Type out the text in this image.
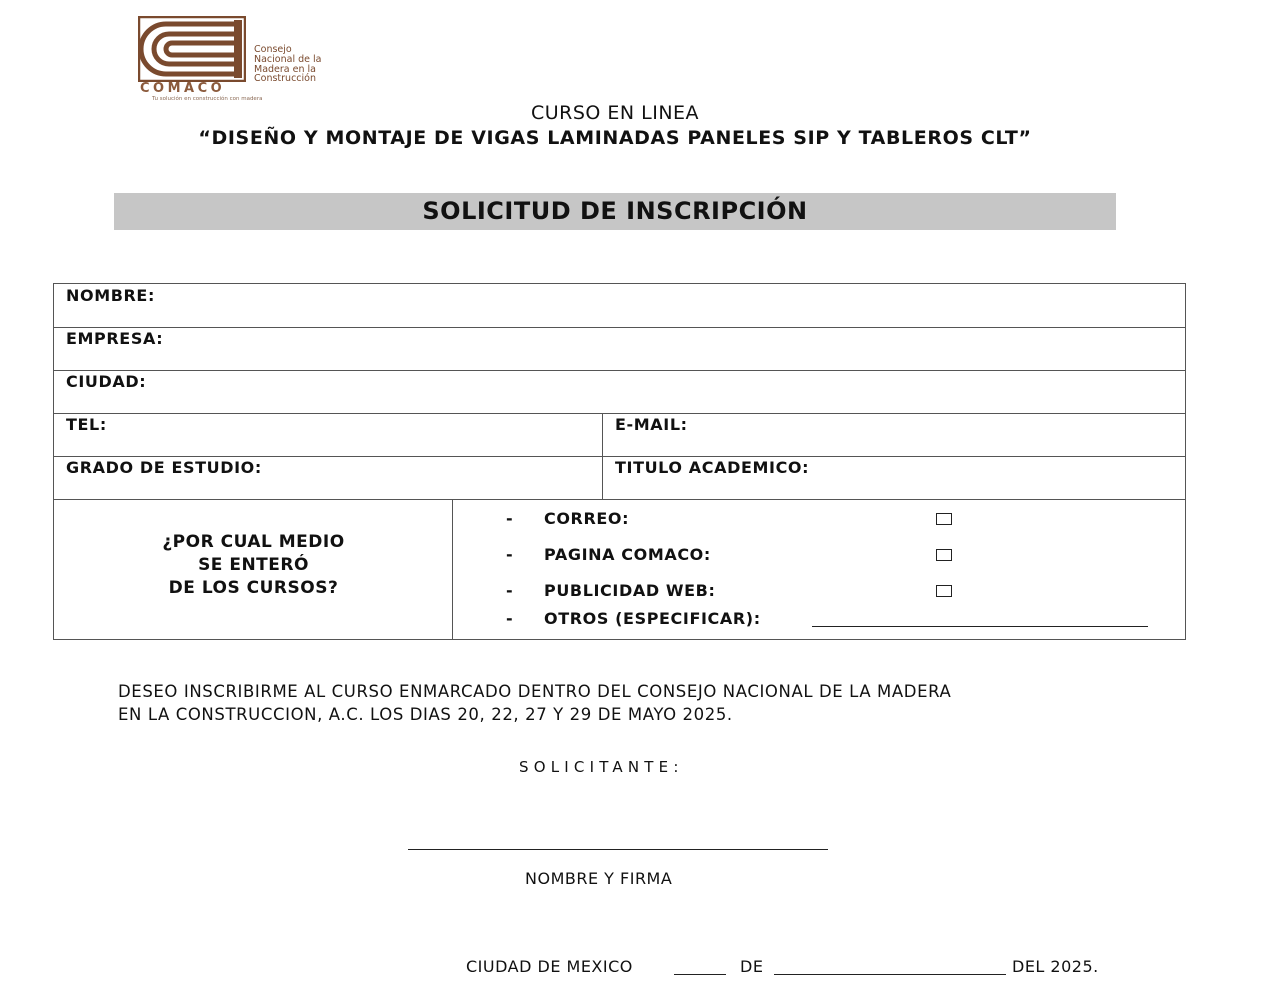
Consejo
Nacional de la
Madera en la
Construcción
COMACO
Tu solución en construcción con madera
CURSO EN LINEA
“DISEÑO Y MONTAJE DE VIGAS LAMINADAS PANELES SIP Y TABLEROS CLT”
SOLICITUD DE INSCRIPCIÓN
NOMBRE:
EMPRESA:
CIUDAD:
TEL:	E-MAIL:
GRADO DE ESTUDIO:	TITULO ACADEMICO:
¿POR CUAL MEDIO
SE ENTERÓ
DE LOS CURSOS?
- CORREO:
- PAGINA COMACO:
- PUBLICIDAD WEB:
- OTROS (ESPECIFICAR):
DESEO INSCRIBIRME AL CURSO ENMARCADO DENTRO DEL CONSEJO NACIONAL DE LA MADERA
EN LA CONSTRUCCION, A.C. LOS DIAS 20, 22, 27 Y 29 DE MAYO 2025.
SOLICITANTE:
NOMBRE Y FIRMA
CIUDAD DE MEXICO	DE	DEL 2025.
